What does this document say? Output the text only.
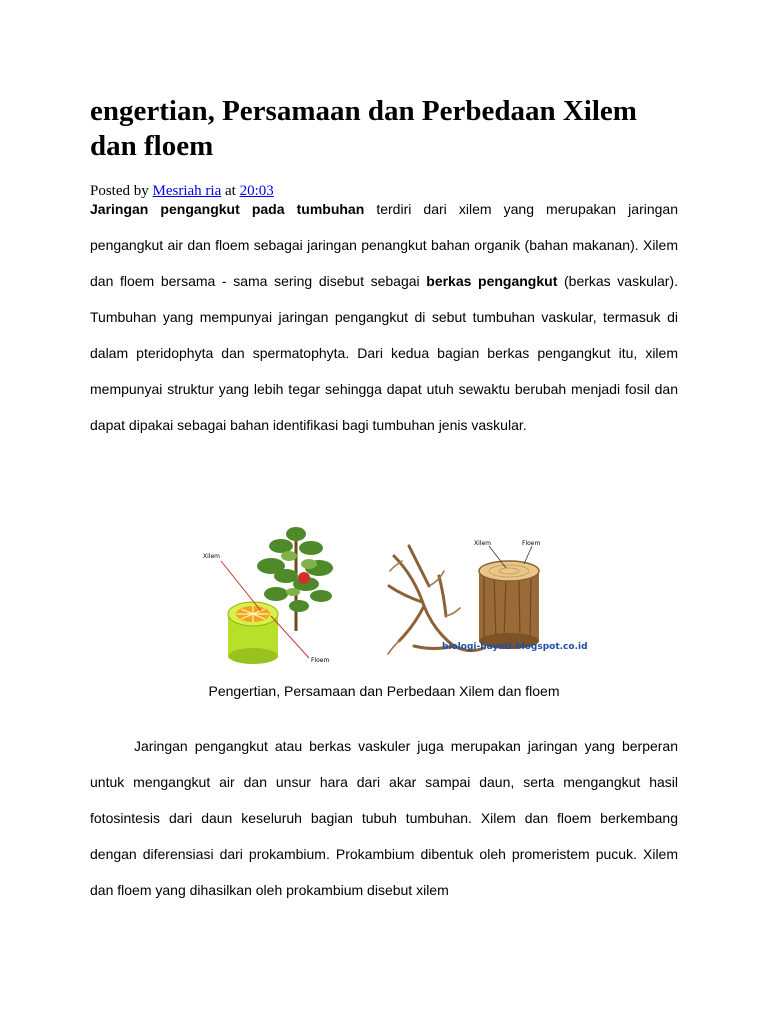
engertian, Persamaan dan Perbedaan Xilem dan floem
Posted by Mesriah ria at 20:03
Jaringan pengangkut pada tumbuhan terdiri dari xilem yang merupakan jaringan pengangkut air dan floem sebagai jaringan penangkut bahan organik (bahan makanan). Xilem dan floem bersama - sama sering disebut sebagai berkas pengangkut (berkas vaskular). Tumbuhan yang mempunyai jaringan pengangkut di sebut tumbuhan vaskular, termasuk di dalam pteridophyta dan spermatophyta. Dari kedua bagian berkas pengangkut itu, xilem mempunyai struktur yang lebih tegar sehingga dapat utuh sewaktu berubah menjadi fosil dan dapat dipakai sebagai bahan identifikasi bagi tumbuhan jenis vaskular.
Xilem
Floem
Xilem	Floem
biologi-hayati.blogspot.co.id
Pengertian, Persamaan dan Perbedaan Xilem dan floem
Jaringan pengangkut atau berkas vaskuler juga merupakan jaringan yang berperan untuk mengangkut air dan unsur hara dari akar sampai daun, serta mengangkut hasil fotosintesis dari daun keseluruh bagian tubuh tumbuhan. Xilem dan floem berkembang dengan diferensiasi dari prokambium. Prokambium dibentuk oleh promeristem pucuk. Xilem dan floem yang dihasilkan oleh prokambium disebut xilem
